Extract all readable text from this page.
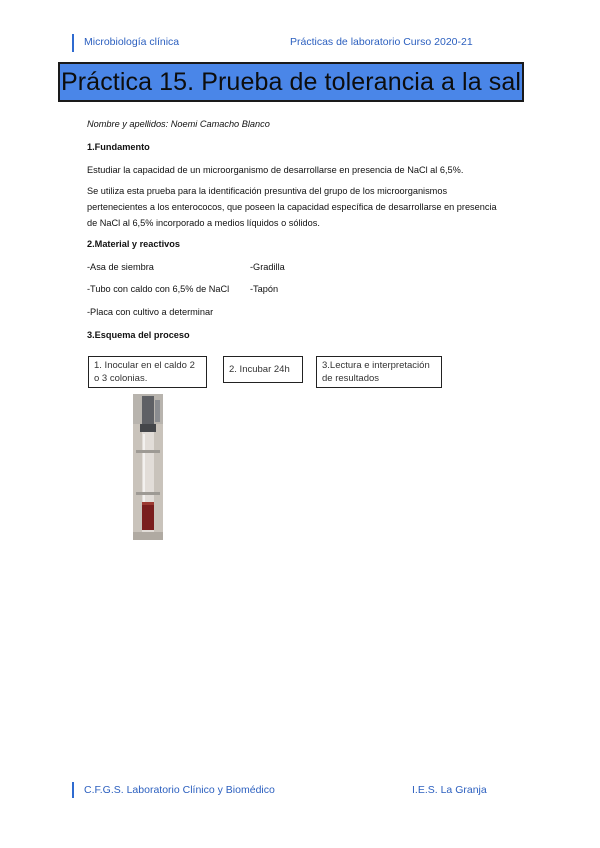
Microbiología clínica	Prácticas de laboratorio Curso 2020-21
Práctica 15. Prueba de tolerancia a la sal
Nombre y apellidos: Noemi Camacho Blanco
1.Fundamento
Estudiar la capacidad de un microorganismo de desarrollarse en presencia de NaCl al 6,5%.
Se utiliza esta prueba para la identificación presuntiva del grupo de los microorganismos pertenecientes a los enterococos, que poseen la capacidad específica de desarrollarse en presencia de NaCl al 6,5% incorporado a medios líquidos o sólidos.
2.Material y reactivos
-Asa de siembra	-Gradilla
-Tubo con caldo con 6,5% de NaCl -Tapón
-Placa con cultivo a determinar
3.Esquema del proceso
1. Inocular en el caldo 2 o 3 colonias.
2. Incubar 24h	3.Lectura e interpretación de resultados
C.F.G.S. Laboratorio Clínico y Biomédico	I.E.S. La Granja
